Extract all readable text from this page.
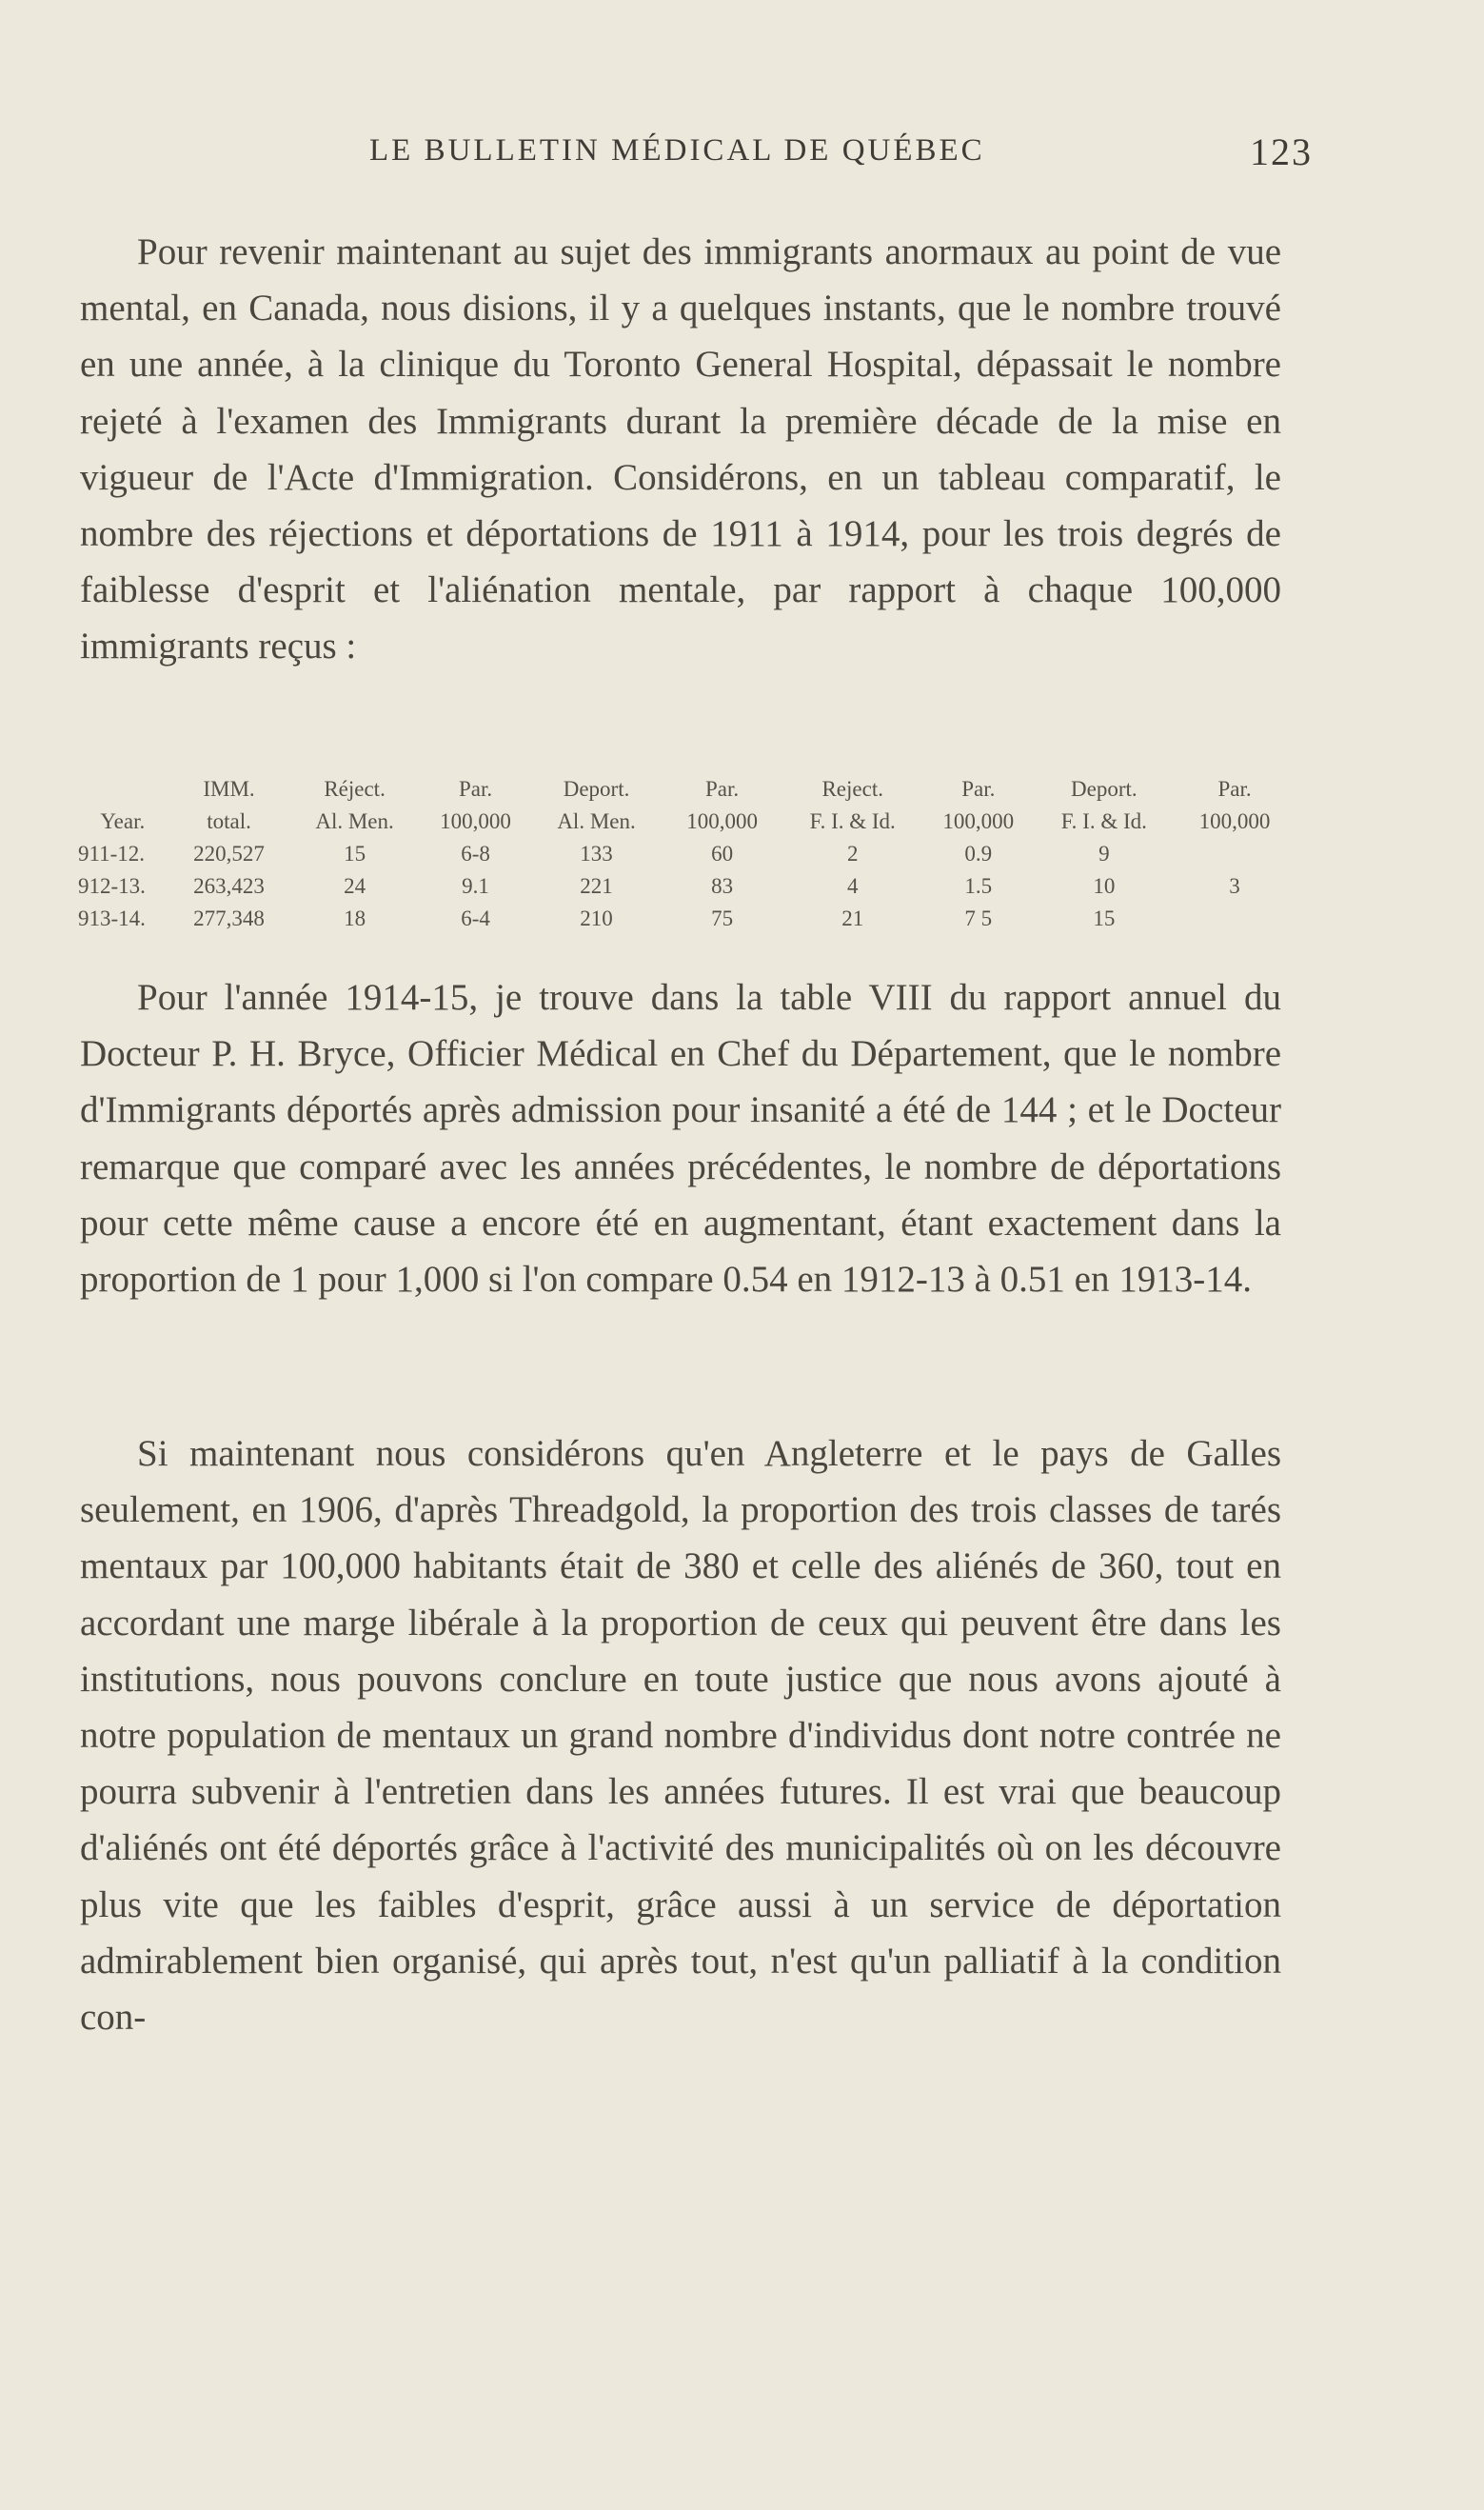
LE BULLETIN MÉDICAL DE QUÉBEC	123

Pour revenir maintenant au sujet des immigrants anormaux au point de vue mental, en Canada, nous disions, il y a quelques instants, que le nombre trouvé en une année, à la clinique du Toronto General Hospital, dépassait le nombre rejeté à l'examen des Immigrants durant la première décade de la mise en vigueur de l'Acte d'Immigration. Considérons, en un tableau comparatif, le nombre des réjections et déportations de 1911 à 1914, pour les trois degrés de faiblesse d'esprit et l'aliénation mentale, par rapport à chaque 100,000 immigrants reçus :

	IMM.	Réject.	Par.	Deport.	Par.	Reject.	Par.	Deport.	Par.
Year.	total.	Al. Men.	100,000	Al. Men.	100,000	F. I. & Id.	100,000	F. I. & Id.	100,000
911-12.	220,527	15	6-8	133	60	2	0.9	9	
912-13.	263,423	24	9.1	221	83	4	1.5	10	3
913-14.	277,348	18	6-4	210	75	21	7 5	15	

Pour l'année 1914-15, je trouve dans la table VIII du rapport annuel du Docteur P. H. Bryce, Officier Médical en Chef du Département, que le nombre d'Immigrants déportés après admission pour insanité a été de 144 ; et le Docteur remarque que comparé avec les années précédentes, le nombre de déportations pour cette même cause a encore été en augmentant, étant exactement dans la proportion de 1 pour 1,000 si l'on compare 0.54 en 1912-13 à 0.51 en 1913-14.

Si maintenant nous considérons qu'en Angleterre et le pays de Galles seulement, en 1906, d'après Threadgold, la proportion des trois classes de tarés mentaux par 100,000 habitants était de 380 et celle des aliénés de 360, tout en accordant une marge libérale à la proportion de ceux qui peuvent être dans les institutions, nous pouvons conclure en toute justice que nous avons ajouté à notre population de mentaux un grand nombre d'individus dont notre contrée ne pourra subvenir à l'entretien dans les années futures. Il est vrai que beaucoup d'aliénés ont été déportés grâce à l'activité des municipalités où on les découvre plus vite que les faibles d'esprit, grâce aussi à un service de déportation admirablement bien organisé, qui après tout, n'est qu'un palliatif à la condition con-
